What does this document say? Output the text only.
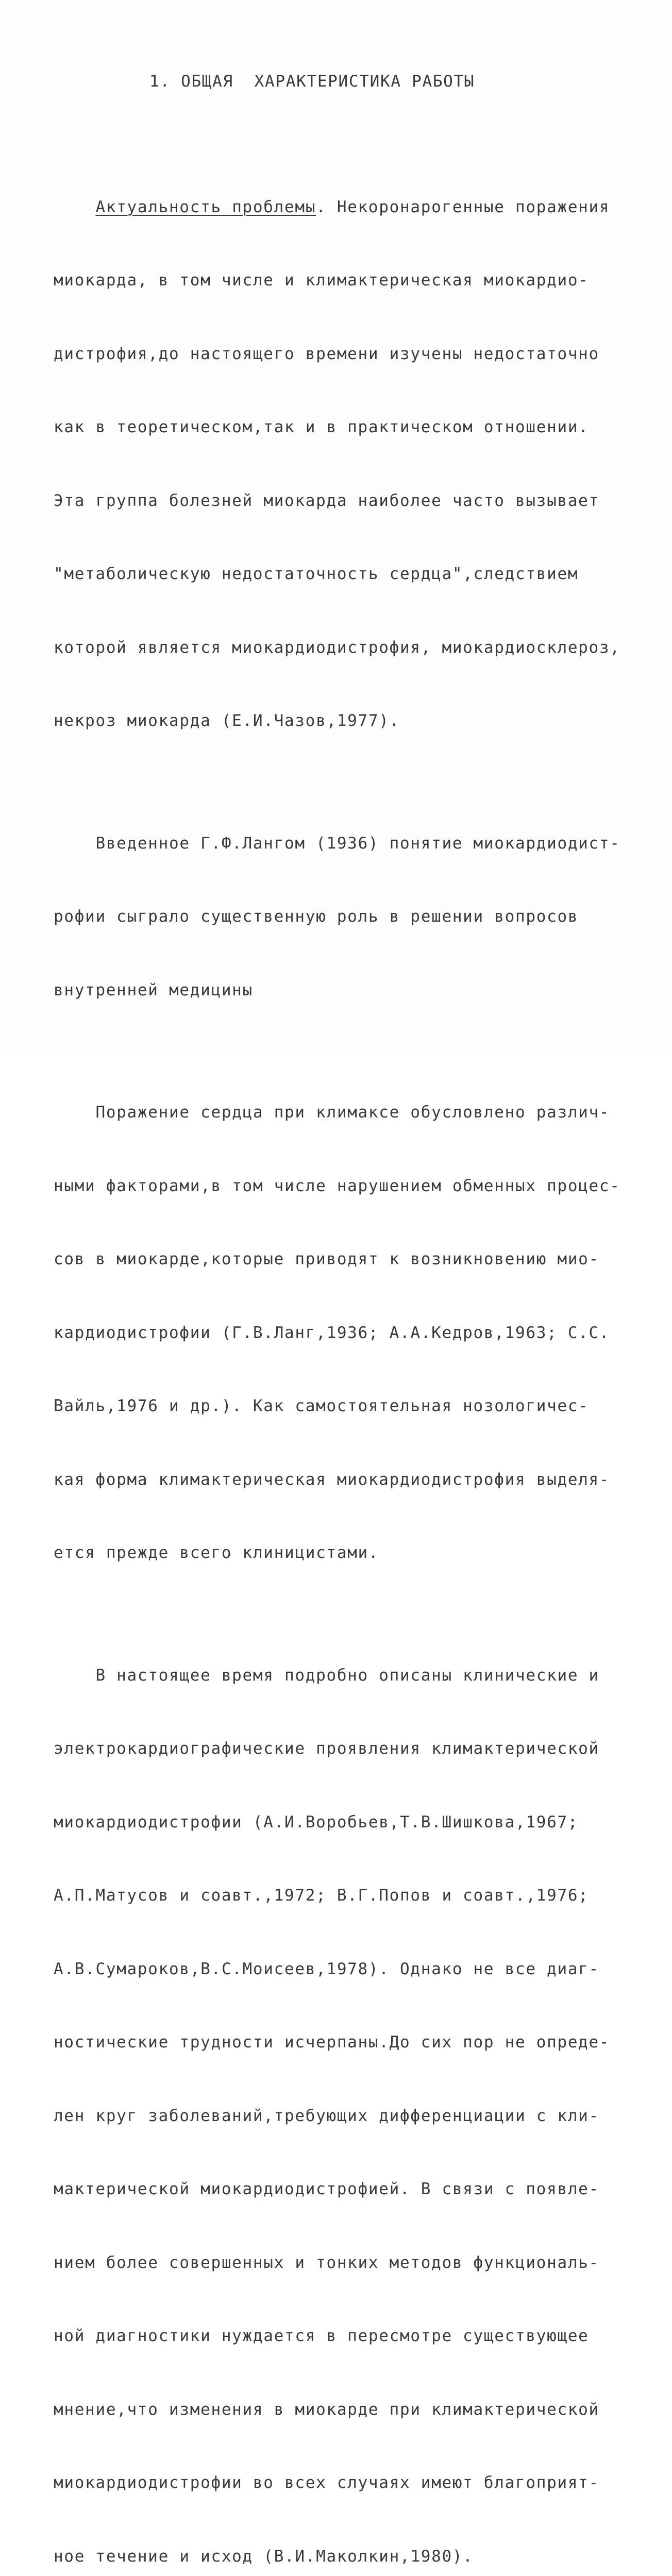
1. ОБЩАЯ  ХАРАКТЕРИСТИКА РАБОТЫ

Актуальность проблемы. Некоронарогенные поражения

миокарда, в том числе и климактерическая миокардио-

дистрофия,до настоящего времени изучены недостаточно

как в теоретическом,так и в практическом отношении.

Эта группа болезней миокарда наиболее часто вызывает

"метаболическую недостаточность сердца",следствием

которой является миокардиодистрофия, миокардиосклероз,

некроз миокарда (Е.И.Чазов,1977).

Введенное Г.Ф.Лангом (1936) понятие миокардиодист-

рофии сыграло существенную роль в решении вопросов

внутренней медицины

Поражение сердца при климаксе обусловлено различ-

ными факторами,в том числе нарушением обменных процес-

сов в миокарде,которые приводят к возникновению мио-

кардиодистрофии (Г.В.Ланг,1936; А.А.Кедров,1963; С.С.

Вайль,1976 и др.). Как самостоятельная нозологичес-

кая форма климактерическая миокардиодистрофия выделя-

ется прежде всего клиницистами.

В настоящее время подробно описаны клинические и

электрокардиографические проявления климактерической

миокардиодистрофии (А.И.Воробьев,Т.В.Шишкова,1967;

А.П.Матусов и соавт.,1972; В.Г.Попов и соавт.,1976;

А.В.Сумароков,В.С.Моисеев,1978). Однако не все диаг-

ностические трудности исчерпаны.До сих пор не опреде-

лен круг заболеваний,требующих дифференциации с кли-

мактерической миокардиодистрофией. В связи с появле-

нием более совершенных и тонких методов функциональ-

ной диагностики нуждается в пересмотре существующее

мнение,что изменения в миокарде при климактерической

миокардиодистрофии во всех случаях имеют благоприят-

ное течение и исход (В.И.Маколкин,1980).
